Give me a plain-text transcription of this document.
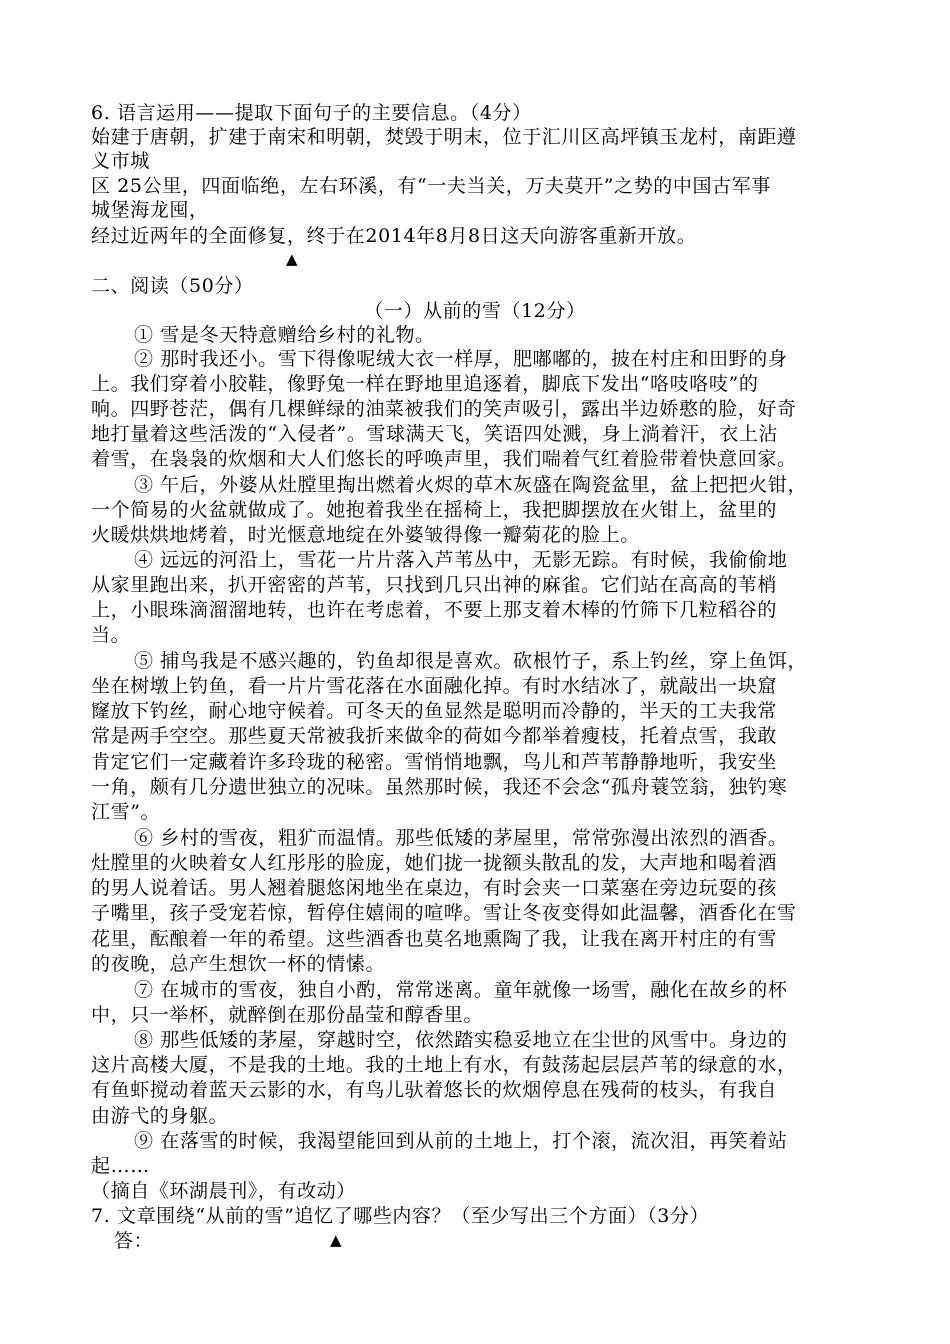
6. 语言运用——提取下面句子的主要信息。（4分）
始建于唐朝，扩建于南宋和明朝，焚毁于明末，位于汇川区高坪镇玉龙村，南距遵
义市城
区 25公里，四面临绝，左右环溪，有“一夫当关，万夫莫开”之势的中国古军事
城堡海龙囤，
经过近两年的全面修复，终于在2014年8月8日这天向游客重新开放。
▲
二、阅读（50分）
（一）从前的雪（12分）
① 雪是冬天特意赠给乡村的礼物。
② 那时我还小。雪下得像呢绒大衣一样厚，肥嘟嘟的，披在村庄和田野的身
上。我们穿着小胶鞋，像野兔一样在野地里追逐着，脚底下发出“咯吱咯吱”的
响。四野苍茫，偶有几棵鲜绿的油菜被我们的笑声吸引，露出半边娇憨的脸，好奇
地打量着这些活泼的“入侵者”。雪球满天飞，笑语四处溅，身上淌着汗，衣上沾
着雪，在袅袅的炊烟和大人们悠长的呼唤声里，我们喘着气红着脸带着快意回家。
③ 午后，外婆从灶膛里掏出燃着火烬的草木灰盛在陶瓷盆里，盆上把把火钳，
一个简易的火盆就做成了。她抱着我坐在摇椅上，我把脚摆放在火钳上，盆里的
火暖烘烘地烤着，时光惬意地绽在外婆皱得像一瓣菊花的脸上。
④ 远远的河沿上，雪花一片片落入芦苇丛中，无影无踪。有时候，我偷偷地
从家里跑出来，扒开密密的芦苇，只找到几只出神的麻雀。它们站在高高的苇梢
上，小眼珠滴溜溜地转，也许在考虑着，不要上那支着木棒的竹筛下几粒稻谷的
当。
⑤ 捕鸟我是不感兴趣的，钓鱼却很是喜欢。砍根竹子，系上钓丝，穿上鱼饵，
坐在树墩上钓鱼，看一片片雪花落在水面融化掉。有时水结冰了，就敲出一块窟
窿放下钓丝，耐心地守候着。可冬天的鱼显然是聪明而冷静的，半天的工夫我常
常是两手空空。那些夏天常被我折来做伞的荷如今都举着瘦枝，托着点雪，我敢
肯定它们一定藏着许多玲珑的秘密。雪悄悄地飘，鸟儿和芦苇静静地听，我安坐
一角，颇有几分遗世独立的况味。虽然那时候，我还不会念“孤舟蓑笠翁，独钓寒
江雪”。
⑥ 乡村的雪夜，粗犷而温情。那些低矮的茅屋里，常常弥漫出浓烈的酒香。
灶膛里的火映着女人红彤彤的脸庞，她们拢一拢额头散乱的发，大声地和喝着酒
的男人说着话。男人翘着腿悠闲地坐在桌边，有时会夹一口菜塞在旁边玩耍的孩
子嘴里，孩子受宠若惊，暂停住嬉闹的喧哗。雪让冬夜变得如此温馨，酒香化在雪
花里，酝酿着一年的希望。这些酒香也莫名地熏陶了我，让我在离开村庄的有雪
的夜晚，总产生想饮一杯的情愫。
⑦ 在城市的雪夜，独自小酌，常常迷离。童年就像一场雪，融化在故乡的杯
中，只一举杯，就醉倒在那份晶莹和醇香里。
⑧ 那些低矮的茅屋，穿越时空，依然踏实稳妥地立在尘世的风雪中。身边的
这片高楼大厦，不是我的土地。我的土地上有水，有鼓荡起层层芦苇的绿意的水，
有鱼虾搅动着蓝天云影的水，有鸟儿驮着悠长的炊烟停息在残荷的枝头，有我自
由游弋的身躯。
⑨ 在落雪的时候，我渴望能回到从前的土地上，打个滚，流次泪，再笑着站
起……
（摘自《环湖晨刊》，有改动）
7. 文章围绕“从前的雪”追忆了哪些内容？（至少写出三个方面）（3分）
答：	▲
